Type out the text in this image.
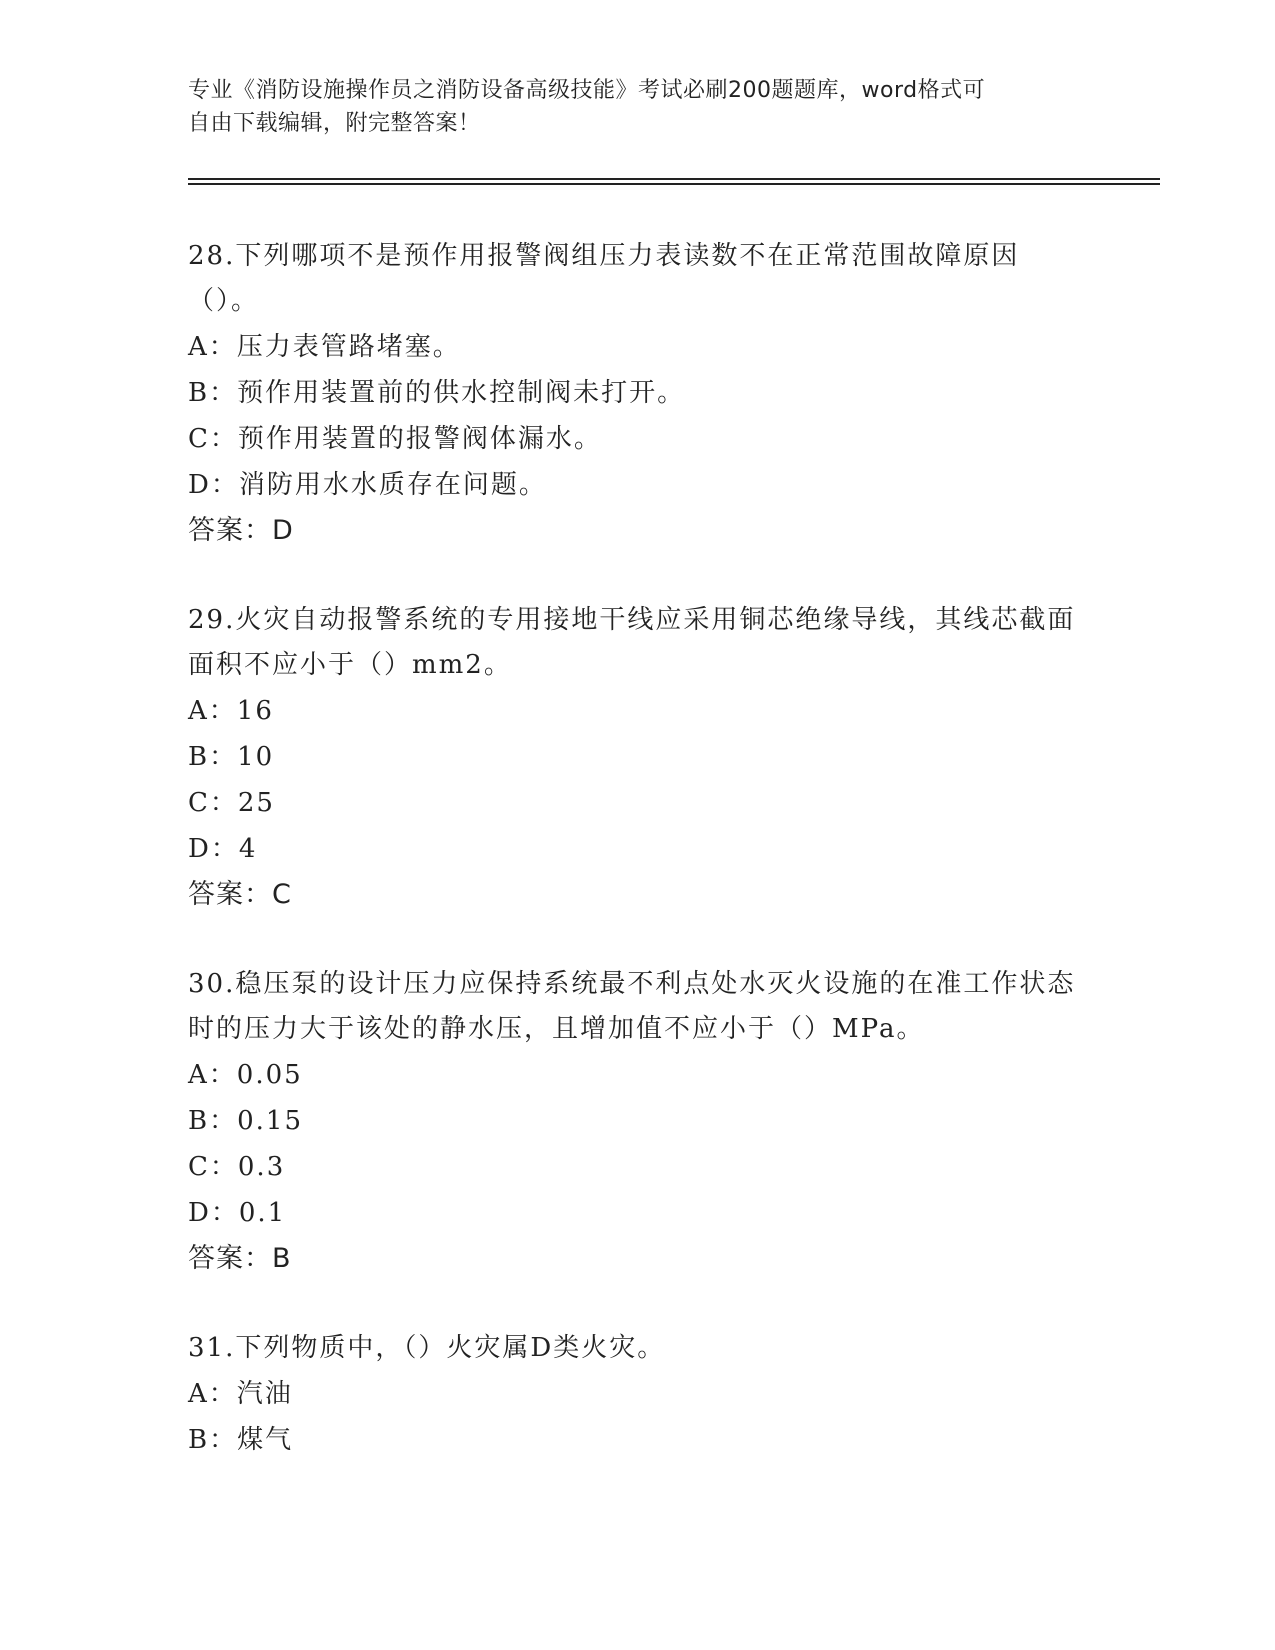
专业《消防设施操作员之消防设备高级技能》考试必刷200题题库，word格式可
自由下载编辑，附完整答案！
28.下列哪项不是预作用报警阀组压力表读数不在正常范围故障原因（）。
A：压力表管路堵塞。
B：预作用装置前的供水控制阀未打开。
C：预作用装置的报警阀体漏水。
D：消防用水水质存在问题。
答案：D
29.火灾自动报警系统的专用接地干线应采用铜芯绝缘导线，其线芯截面面积不应小于（）mm2。
A：16
B：10
C：25
D：4
答案：C
30.稳压泵的设计压力应保持系统最不利点处水灭火设施的在准工作状态时的压力大于该处的静水压，且增加值不应小于（）MPa。
A：0.05
B：0.15
C：0.3
D：0.1
答案：B
31.下列物质中，（）火灾属D类火灾。
A：汽油
B：煤气
